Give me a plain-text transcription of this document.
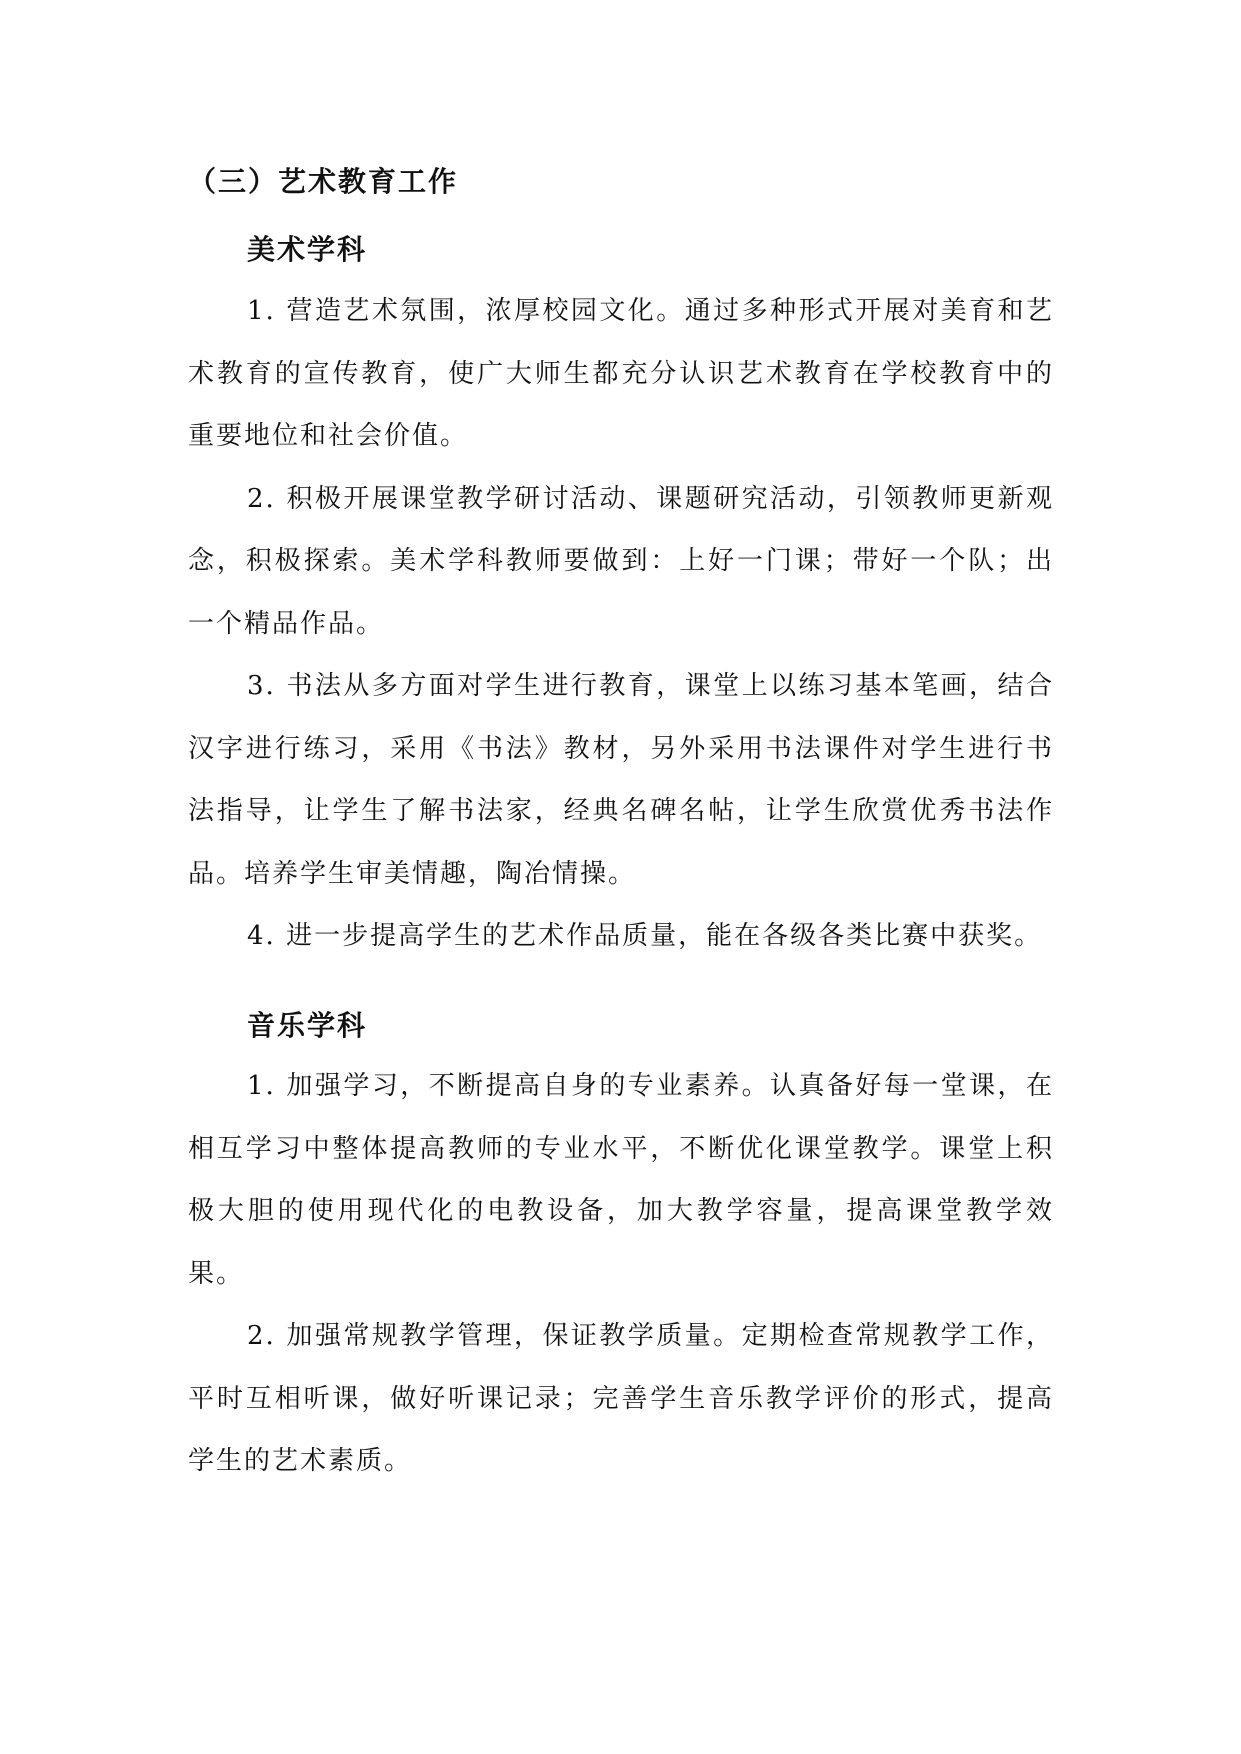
（三）艺术教育工作
美术学科

1. 营造艺术氛围，浓厚校园文化。通过多种形式开展对美育和艺术教育的宣传教育，使广大师生都充分认识艺术教育在学校教育中的重要地位和社会价值。

2. 积极开展课堂教学研讨活动、课题研究活动，引领教师更新观念，积极探索。美术学科教师要做到：上好一门课；带好一个队；出一个精品作品。

3. 书法从多方面对学生进行教育，课堂上以练习基本笔画，结合汉字进行练习，采用《书法》教材，另外采用书法课件对学生进行书法指导，让学生了解书法家，经典名碑名帖，让学生欣赏优秀书法作品。培养学生审美情趣，陶冶情操。

4. 进一步提高学生的艺术作品质量，能在各级各类比赛中获奖。

音乐学科

1. 加强学习，不断提高自身的专业素养。认真备好每一堂课，在相互学习中整体提高教师的专业水平，不断优化课堂教学。课堂上积极大胆的使用现代化的电教设备，加大教学容量，提高课堂教学效果。

2. 加强常规教学管理，保证教学质量。定期检查常规教学工作，平时互相听课，做好听课记录；完善学生音乐教学评价的形式，提高学生的艺术素质。
